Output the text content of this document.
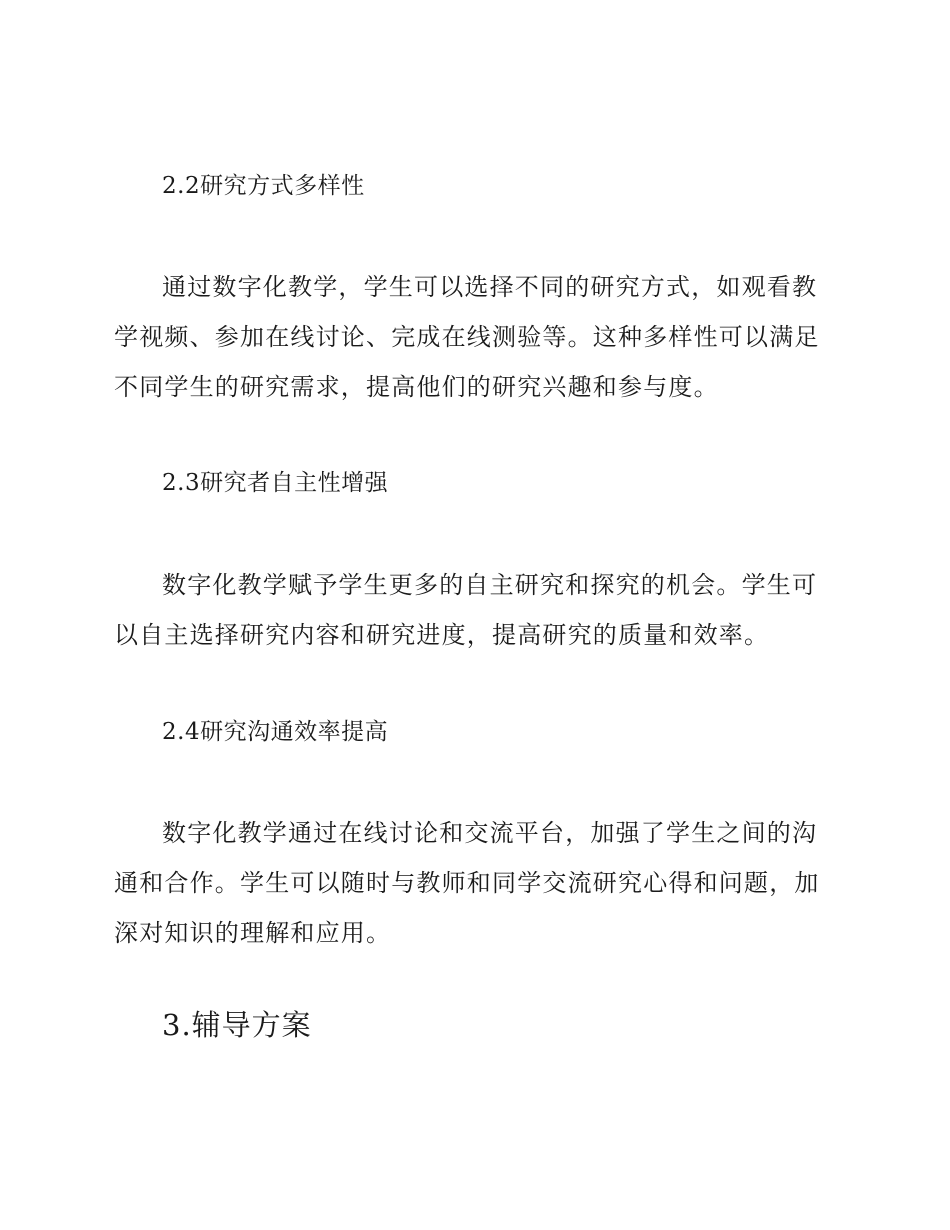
2.2研究方式多样性

通过数字化教学，学生可以选择不同的研究方式，如观看教学视频、参加在线讨论、完成在线测验等。这种多样性可以满足不同学生的研究需求，提高他们的研究兴趣和参与度。

2.3研究者自主性增强

数字化教学赋予学生更多的自主研究和探究的机会。学生可以自主选择研究内容和研究进度，提高研究的质量和效率。

2.4研究沟通效率提高

数字化教学通过在线讨论和交流平台，加强了学生之间的沟通和合作。学生可以随时与教师和同学交流研究心得和问题，加深对知识的理解和应用。

3.辅导方案
